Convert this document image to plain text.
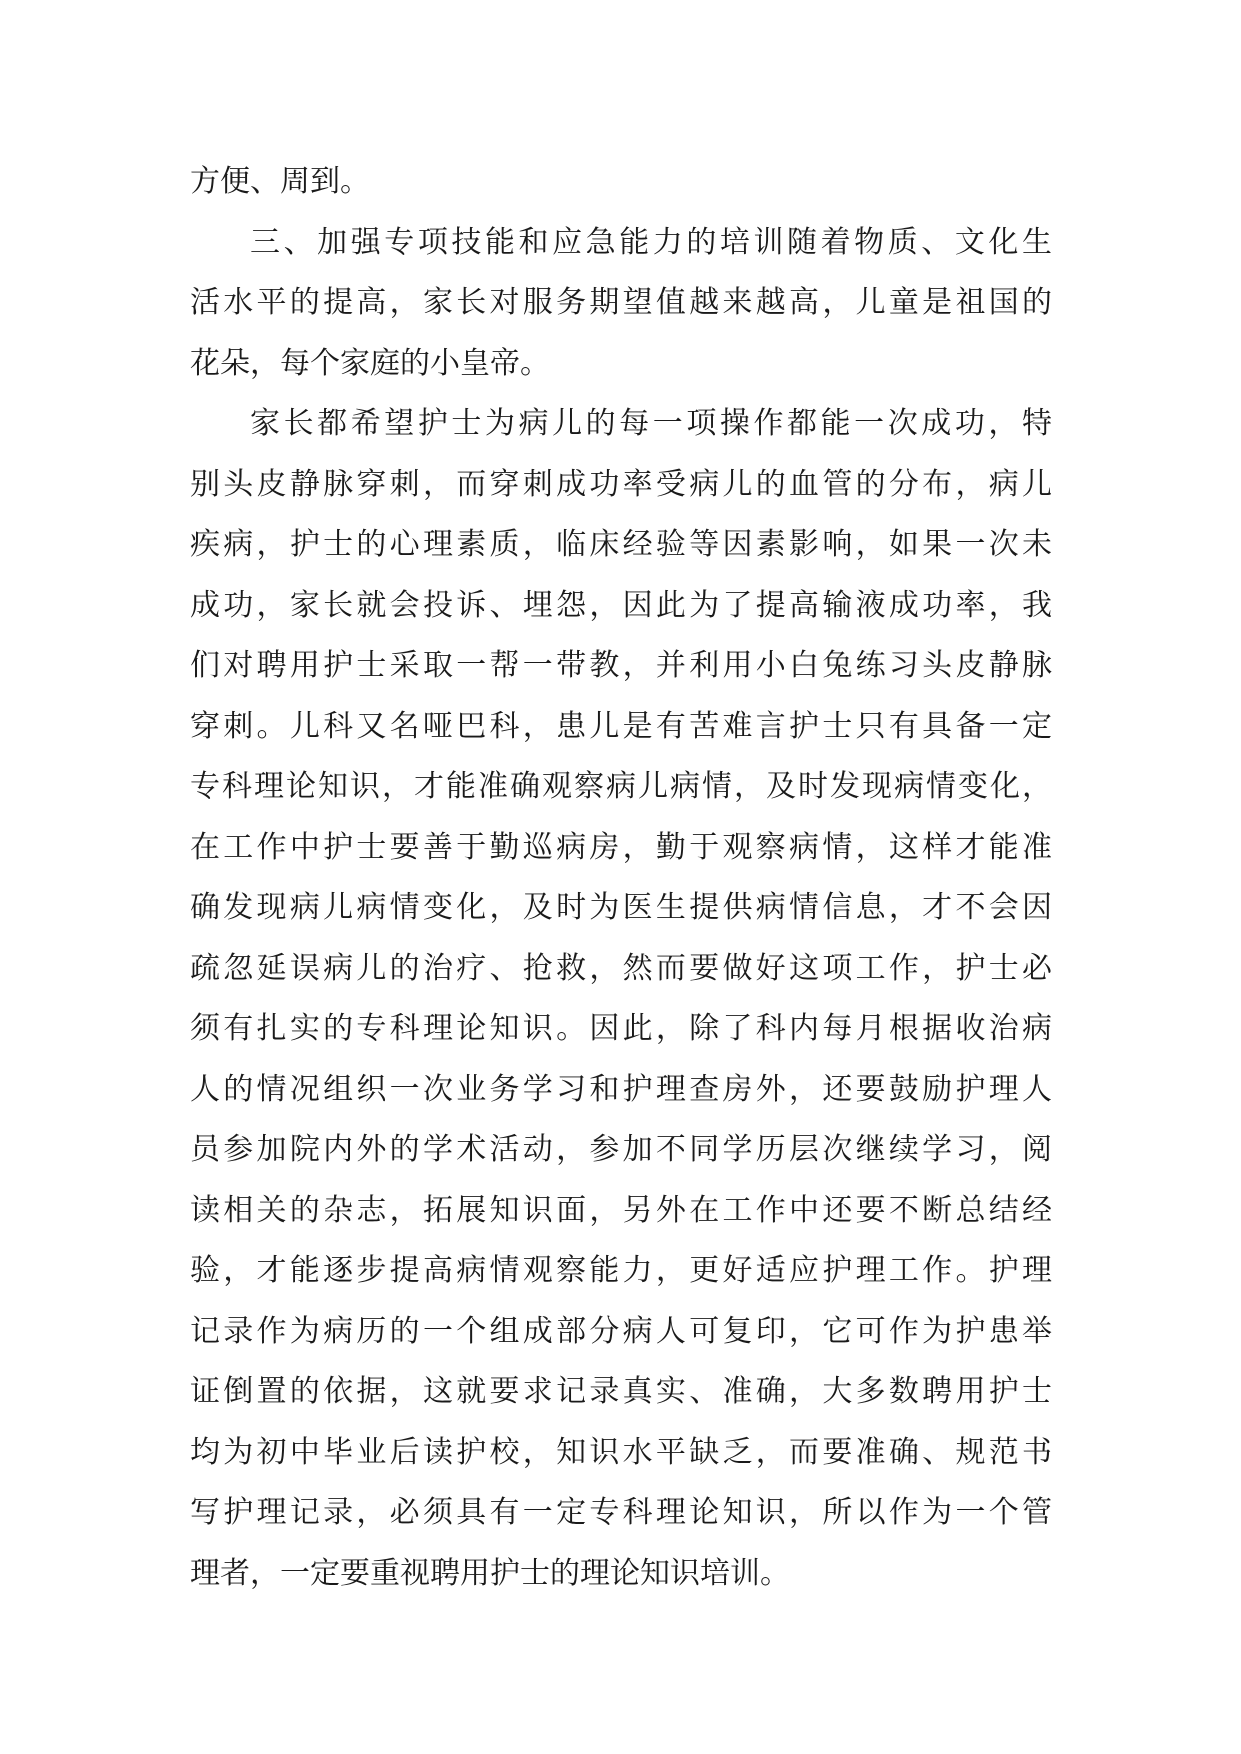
方便、周到。
三、加强专项技能和应急能力的培训随着物质、文化生
活水平的提高，家长对服务期望值越来越高，儿童是祖国的
花朵，每个家庭的小皇帝。
家长都希望护士为病儿的每一项操作都能一次成功，特
别头皮静脉穿刺，而穿刺成功率受病儿的血管的分布，病儿
疾病，护士的心理素质，临床经验等因素影响，如果一次未
成功，家长就会投诉、埋怨，因此为了提高输液成功率，我
们对聘用护士采取一帮一带教，并利用小白兔练习头皮静脉
穿刺。儿科又名哑巴科，患儿是有苦难言护士只有具备一定
专科理论知识，才能准确观察病儿病情，及时发现病情变化，
在工作中护士要善于勤巡病房，勤于观察病情，这样才能准
确发现病儿病情变化，及时为医生提供病情信息，才不会因
疏忽延误病儿的治疗、抢救，然而要做好这项工作，护士必
须有扎实的专科理论知识。因此，除了科内每月根据收治病
人的情况组织一次业务学习和护理查房外，还要鼓励护理人
员参加院内外的学术活动，参加不同学历层次继续学习，阅
读相关的杂志，拓展知识面，另外在工作中还要不断总结经
验，才能逐步提高病情观察能力，更好适应护理工作。护理
记录作为病历的一个组成部分病人可复印，它可作为护患举
证倒置的依据，这就要求记录真实、准确，大多数聘用护士
均为初中毕业后读护校，知识水平缺乏，而要准确、规范书
写护理记录，必须具有一定专科理论知识，所以作为一个管
理者，一定要重视聘用护士的理论知识培训。
